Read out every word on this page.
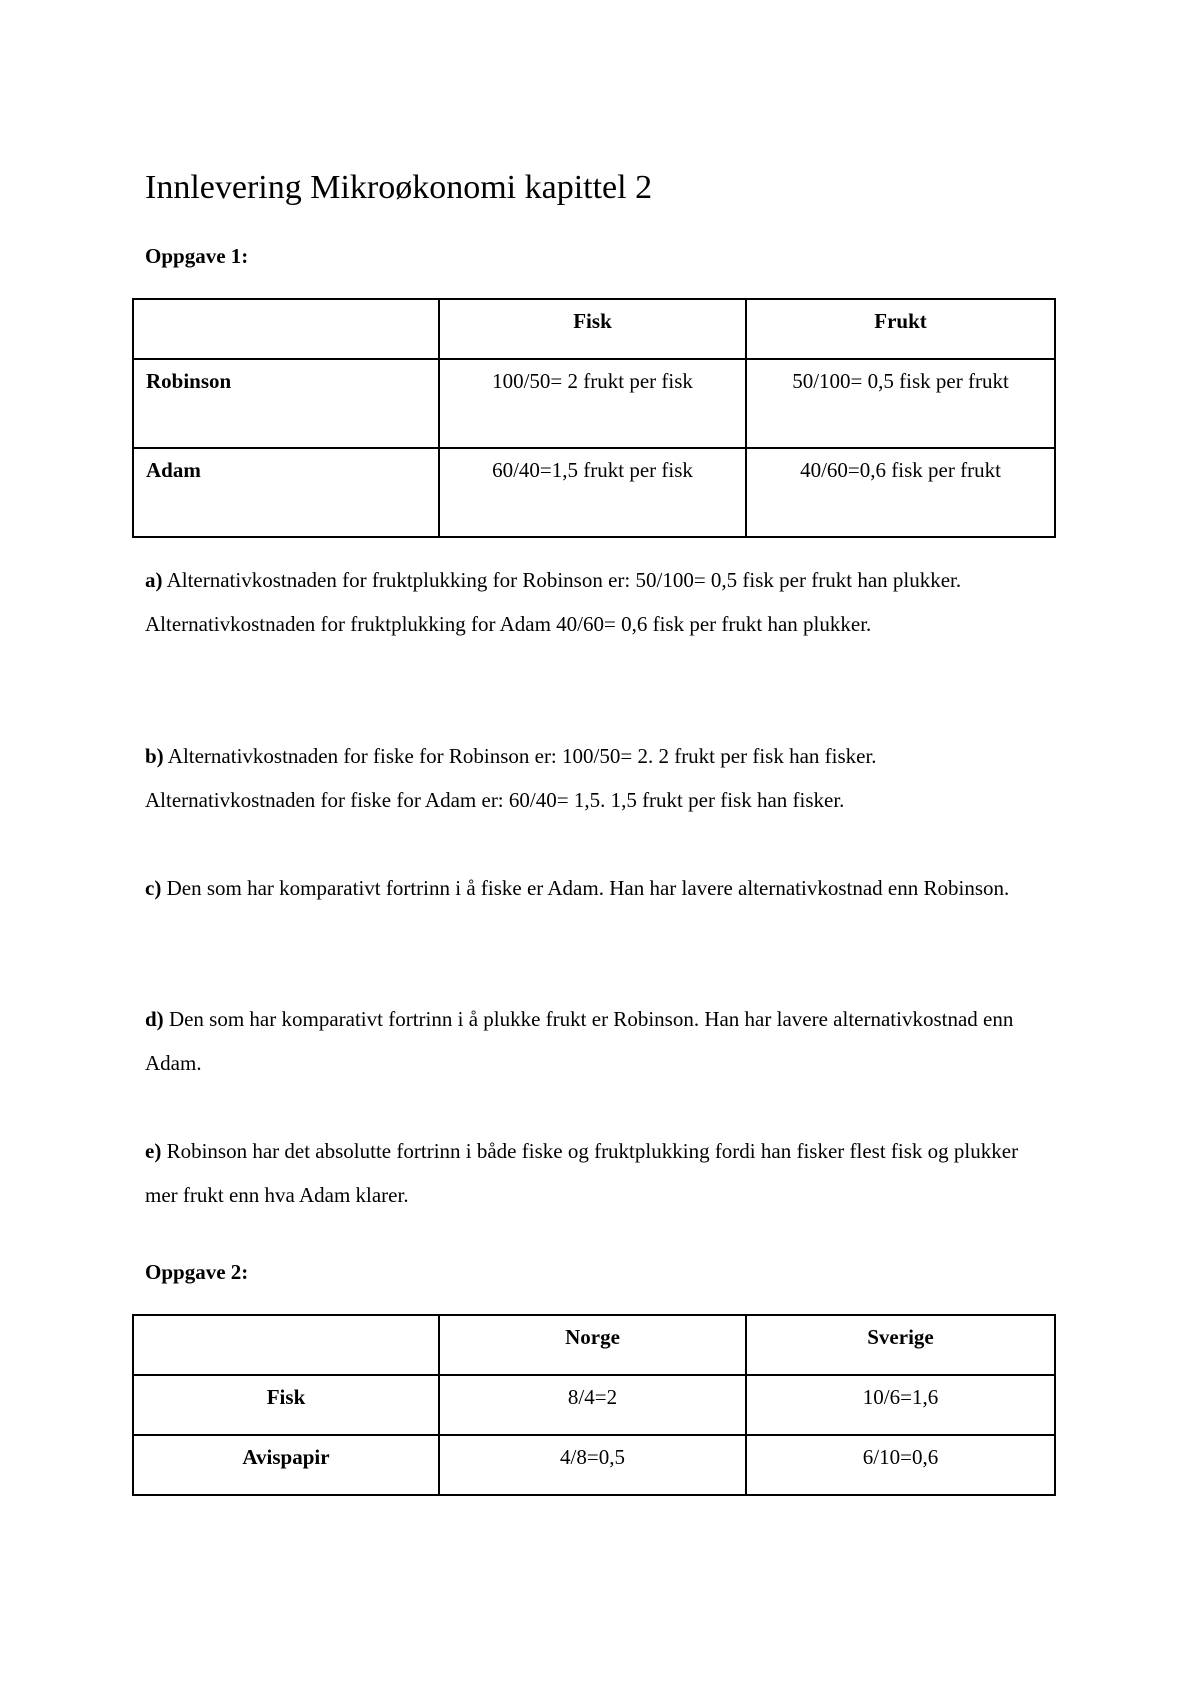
Innlevering Mikroøkonomi kapittel 2

Oppgave 1:

	Fisk	Frukt
Robinson	100/50= 2 frukt per fisk	50/100= 0,5 fisk per frukt
Adam	60/40=1,5 frukt per fisk	40/60=0,6 fisk per frukt

a) Alternativkostnaden for fruktplukking for Robinson er: 50/100= 0,5 fisk per frukt han plukker.
Alternativkostnaden for fruktplukking for Adam 40/60= 0,6 fisk per frukt han plukker.

b) Alternativkostnaden for fiske for Robinson er: 100/50= 2. 2 frukt per fisk han fisker.
Alternativkostnaden for fiske for Adam er: 60/40= 1,5. 1,5 frukt per fisk han fisker.

c) Den som har komparativt fortrinn i å fiske er Adam. Han har lavere alternativkostnad enn Robinson.

d) Den som har komparativt fortrinn i å plukke frukt er Robinson. Han har lavere alternativkostnad enn Adam.

e) Robinson har det absolutte fortrinn i både fiske og fruktplukking fordi han fisker flest fisk og plukker mer frukt enn hva Adam klarer.

Oppgave 2:

	Norge	Sverige
Fisk	8/4=2	10/6=1,6
Avispapir	4/8=0,5	6/10=0,6
